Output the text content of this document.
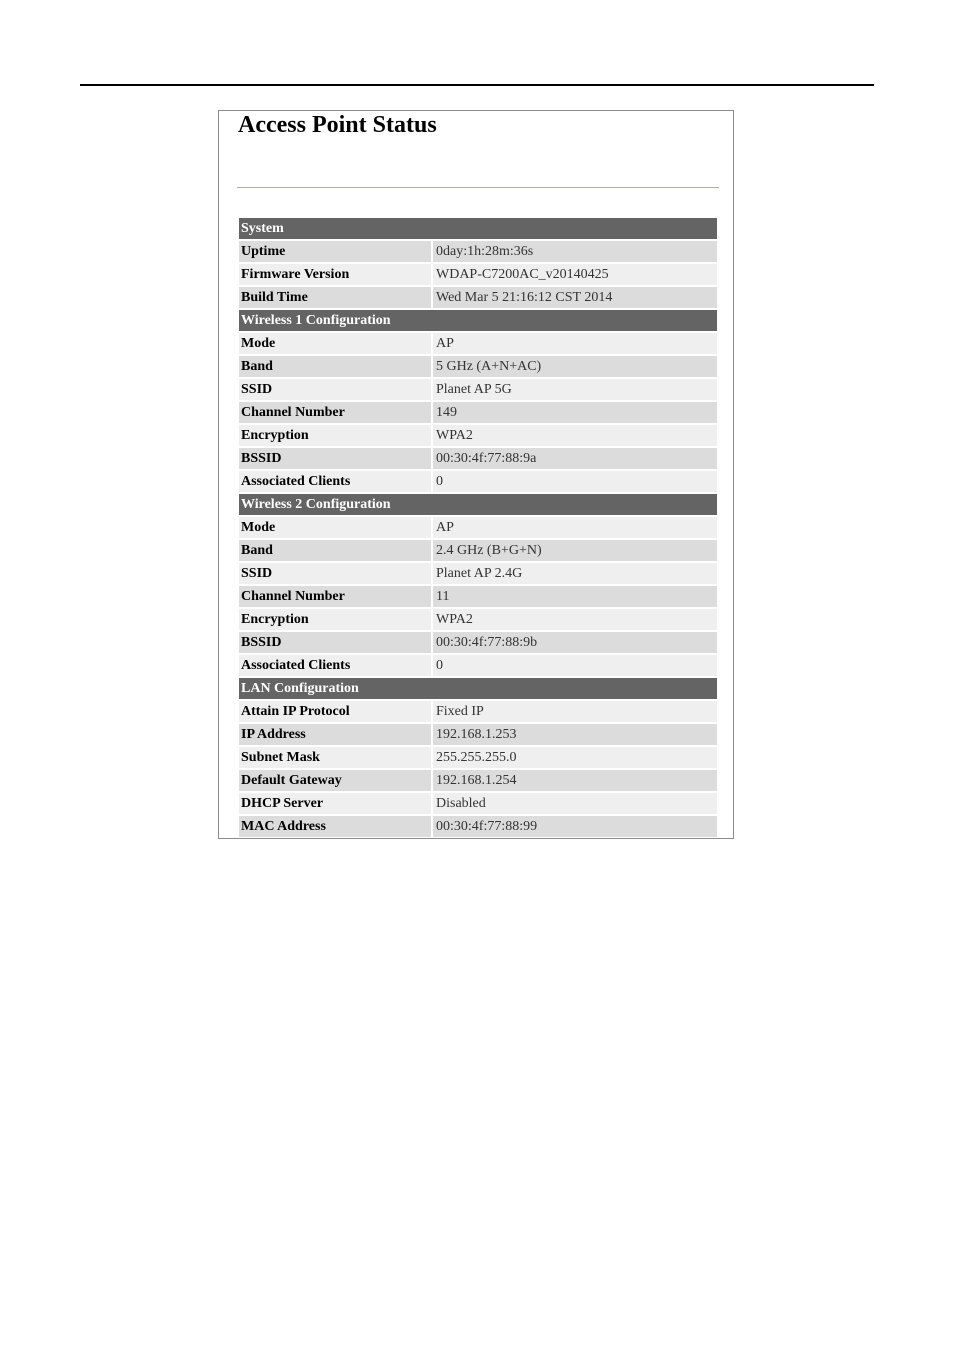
Access Point Status
System
Uptime	0day:1h:28m:36s
Firmware Version	WDAP-C7200AC_v20140425
Build Time	Wed Mar 5 21:16:12 CST 2014
Wireless 1 Configuration
Mode	AP
Band	5 GHz (A+N+AC)
SSID	Planet AP 5G
Channel Number	149
Encryption	WPA2
BSSID	00:30:4f:77:88:9a
Associated Clients	0
Wireless 2 Configuration
Mode	AP
Band	2.4 GHz (B+G+N)
SSID	Planet AP 2.4G
Channel Number	11
Encryption	WPA2
BSSID	00:30:4f:77:88:9b
Associated Clients	0
LAN Configuration
Attain IP Protocol	Fixed IP
IP Address	192.168.1.253
Subnet Mask	255.255.255.0
Default Gateway	192.168.1.254
DHCP Server	Disabled
MAC Address	00:30:4f:77:88:99
